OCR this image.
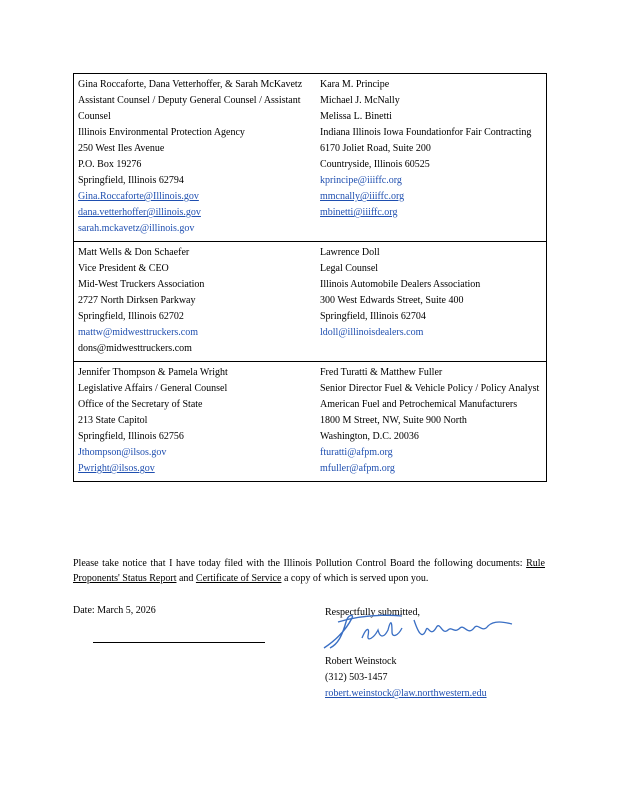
Gina Roccaforte, Dana Vetterhoffer, & Sarah McKavetz
Assistant Counsel / Deputy General Counsel / Assistant Counsel
Illinois Environmental Protection Agency
250 West Iles Avenue
P.O. Box 19276
Springfield, Illinois 62794
Gina.Roccaforte@Illinois.gov
dana.vetterhoffer@illinois.gov
sarah.mckavetz@illinois.gov
Kara M. Principe
Michael J. McNally
Melissa L. Binetti
Indiana Illinois Iowa Foundationfor Fair Contracting
6170 Joliet Road, Suite 200
Countryside, Illinois 60525
kprincipe@iiiffc.org
mmcnally@iiiffc.org
mbinetti@iiiffc.org
Matt Wells & Don Schaefer
Vice President & CEO
Mid-West Truckers Association
2727 North Dirksen Parkway
Springfield, Illinois 62702
mattw@midwesttruckers.com
dons@midwesttruckers.com
Lawrence Doll
Legal Counsel
Illinois Automobile Dealers Association
300 West Edwards Street, Suite 400
Springfield, Illinois 62704
ldoll@illinoisdealers.com
Jennifer Thompson & Pamela Wright
Legislative Affairs / General Counsel
Office of the Secretary of State
213 State Capitol
Springfield, Illinois 62756
Jthompson@ilsos.gov
Pwright@ilsos.gov
Fred Turatti & Matthew Fuller
Senior Director Fuel & Vehicle Policy / Policy Analyst
American Fuel and Petrochemical Manufacturers
1800 M Street, NW, Suite 900 North
Washington, D.C. 20036
fturatti@afpm.org
mfuller@afpm.org
Please take notice that I have today filed with the Illinois Pollution Control Board the following documents: Rule Proponents' Status Report and Certificate of Service a copy of which is served upon you.
Date: March 5, 2026	Respectfully submitted,
Robert Weinstock
(312) 503-1457
robert.weinstock@law.northwestern.edu
